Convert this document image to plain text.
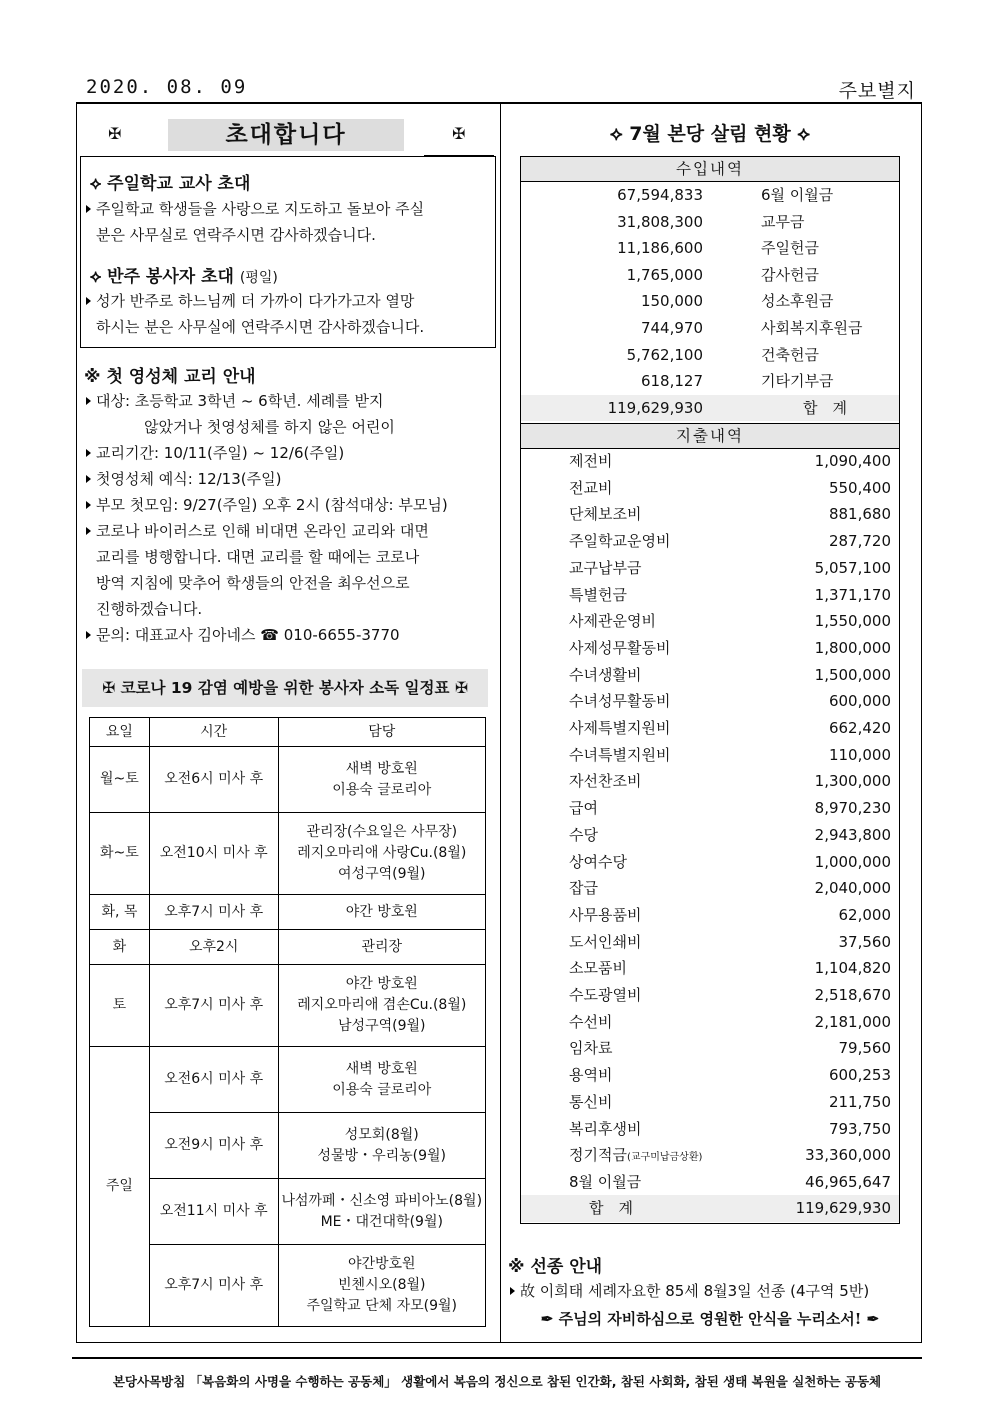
2020. 08. 09	주보별지
✠	초대합니다	✠
⟡ 주일학교 교사 초대
주일학교 학생들을 사랑으로 지도하고 돌보아 주실
분은 사무실로 연락주시면 감사하겠습니다.
⟡ 반주 봉사자 초대 (평일)
성가 반주로 하느님께 더 가까이 다가가고자 열망
하시는 분은 사무실에 연락주시면 감사하겠습니다.
※ 첫 영성체 교리 안내
대상: 초등학교 3학년 ~ 6학년. 세례를 받지
않았거나 첫영성체를 하지 않은 어린이
교리기간: 10/11(주일) ~ 12/6(주일)
첫영성체 예식: 12/13(주일)
부모 첫모임: 9/27(주일) 오후 2시 (참석대상: 부모님)
코로나 바이러스로 인해 비대면 온라인 교리와 대면
교리를 병행합니다. 대면 교리를 할 때에는 코로나
방역 지침에 맞추어 학생들의 안전을 최우선으로
진행하겠습니다.
문의: 대표교사 김아네스 ☎ 010-6655-3770
✠ 코로나 19 감염 예방을 위한 봉사자 소독 일정표 ✠
요일	시간	담당
월~토	오전6시 미사 후	새벽 방호원
이용숙 글로리아

화~토	오전10시 미사 후	관리장(수요일은 사무장)
레지오마리애 사랑Cu.(8월)
여성구역(9월)

화, 목	오후7시 미사 후	야간 방호원
화	오후2시	관리장
토	오후7시 미사 후	야간 방호원
레지오마리애 겸손Cu.(8월)
남성구역(9월)

주일	오전6시 미사 후	새벽 방호원
이용숙 글로리아

	오전9시 미사 후	성모회(8월)
성물방・우리농(9월)

	오전11시 미사 후	나섬까페・신소영 파비아노(8월)
ME・대건대학(9월)

	오후7시 미사 후	야간방호원
빈첸시오(8월)
주일학교 단체 자모(9월)
⟡ 7월 본당 살림 현황 ⟡
수입내역
67,594,833	6월 이월금
31,808,300	교무금
11,186,600	주일헌금
1,765,000	감사헌금
150,000	성소후원금
744,970	사회복지후원금
5,762,100	건축헌금
618,127	기타기부금
119,629,930	합　계
지출내역
제전비	1,090,400
전교비	550,400
단체보조비	881,680
주일학교운영비	287,720
교구납부금	5,057,100
특별헌금	1,371,170
사제관운영비	1,550,000
사제성무활동비	1,800,000
수녀생활비	1,500,000
수녀성무활동비	600,000
사제특별지원비	662,420
수녀특별지원비	110,000
자선찬조비	1,300,000
급여	8,970,230
수당	2,943,800
상여수당	1,000,000
잡급	2,040,000
사무용품비	62,000
도서인쇄비	37,560
소모품비	1,104,820
수도광열비	2,518,670
수선비	2,181,000
임차료	79,560
용역비	600,253
통신비	211,750
복리후생비	793,750
정기적금(교구미납금상환)	33,360,000
8월 이월금	46,965,647
합　계	119,629,930
※ 선종 안내
故 이희태 세례자요한 85세 8월3일 선종 (4구역 5반)
✒ 주님의 자비하심으로 영원한 안식을 누리소서! ✒
본당사목방침 「복음화의 사명을 수행하는 공동체」 생활에서 복음의 정신으로 참된 인간화, 참된 사회화, 참된 생태 복원을 실천하는 공동체
